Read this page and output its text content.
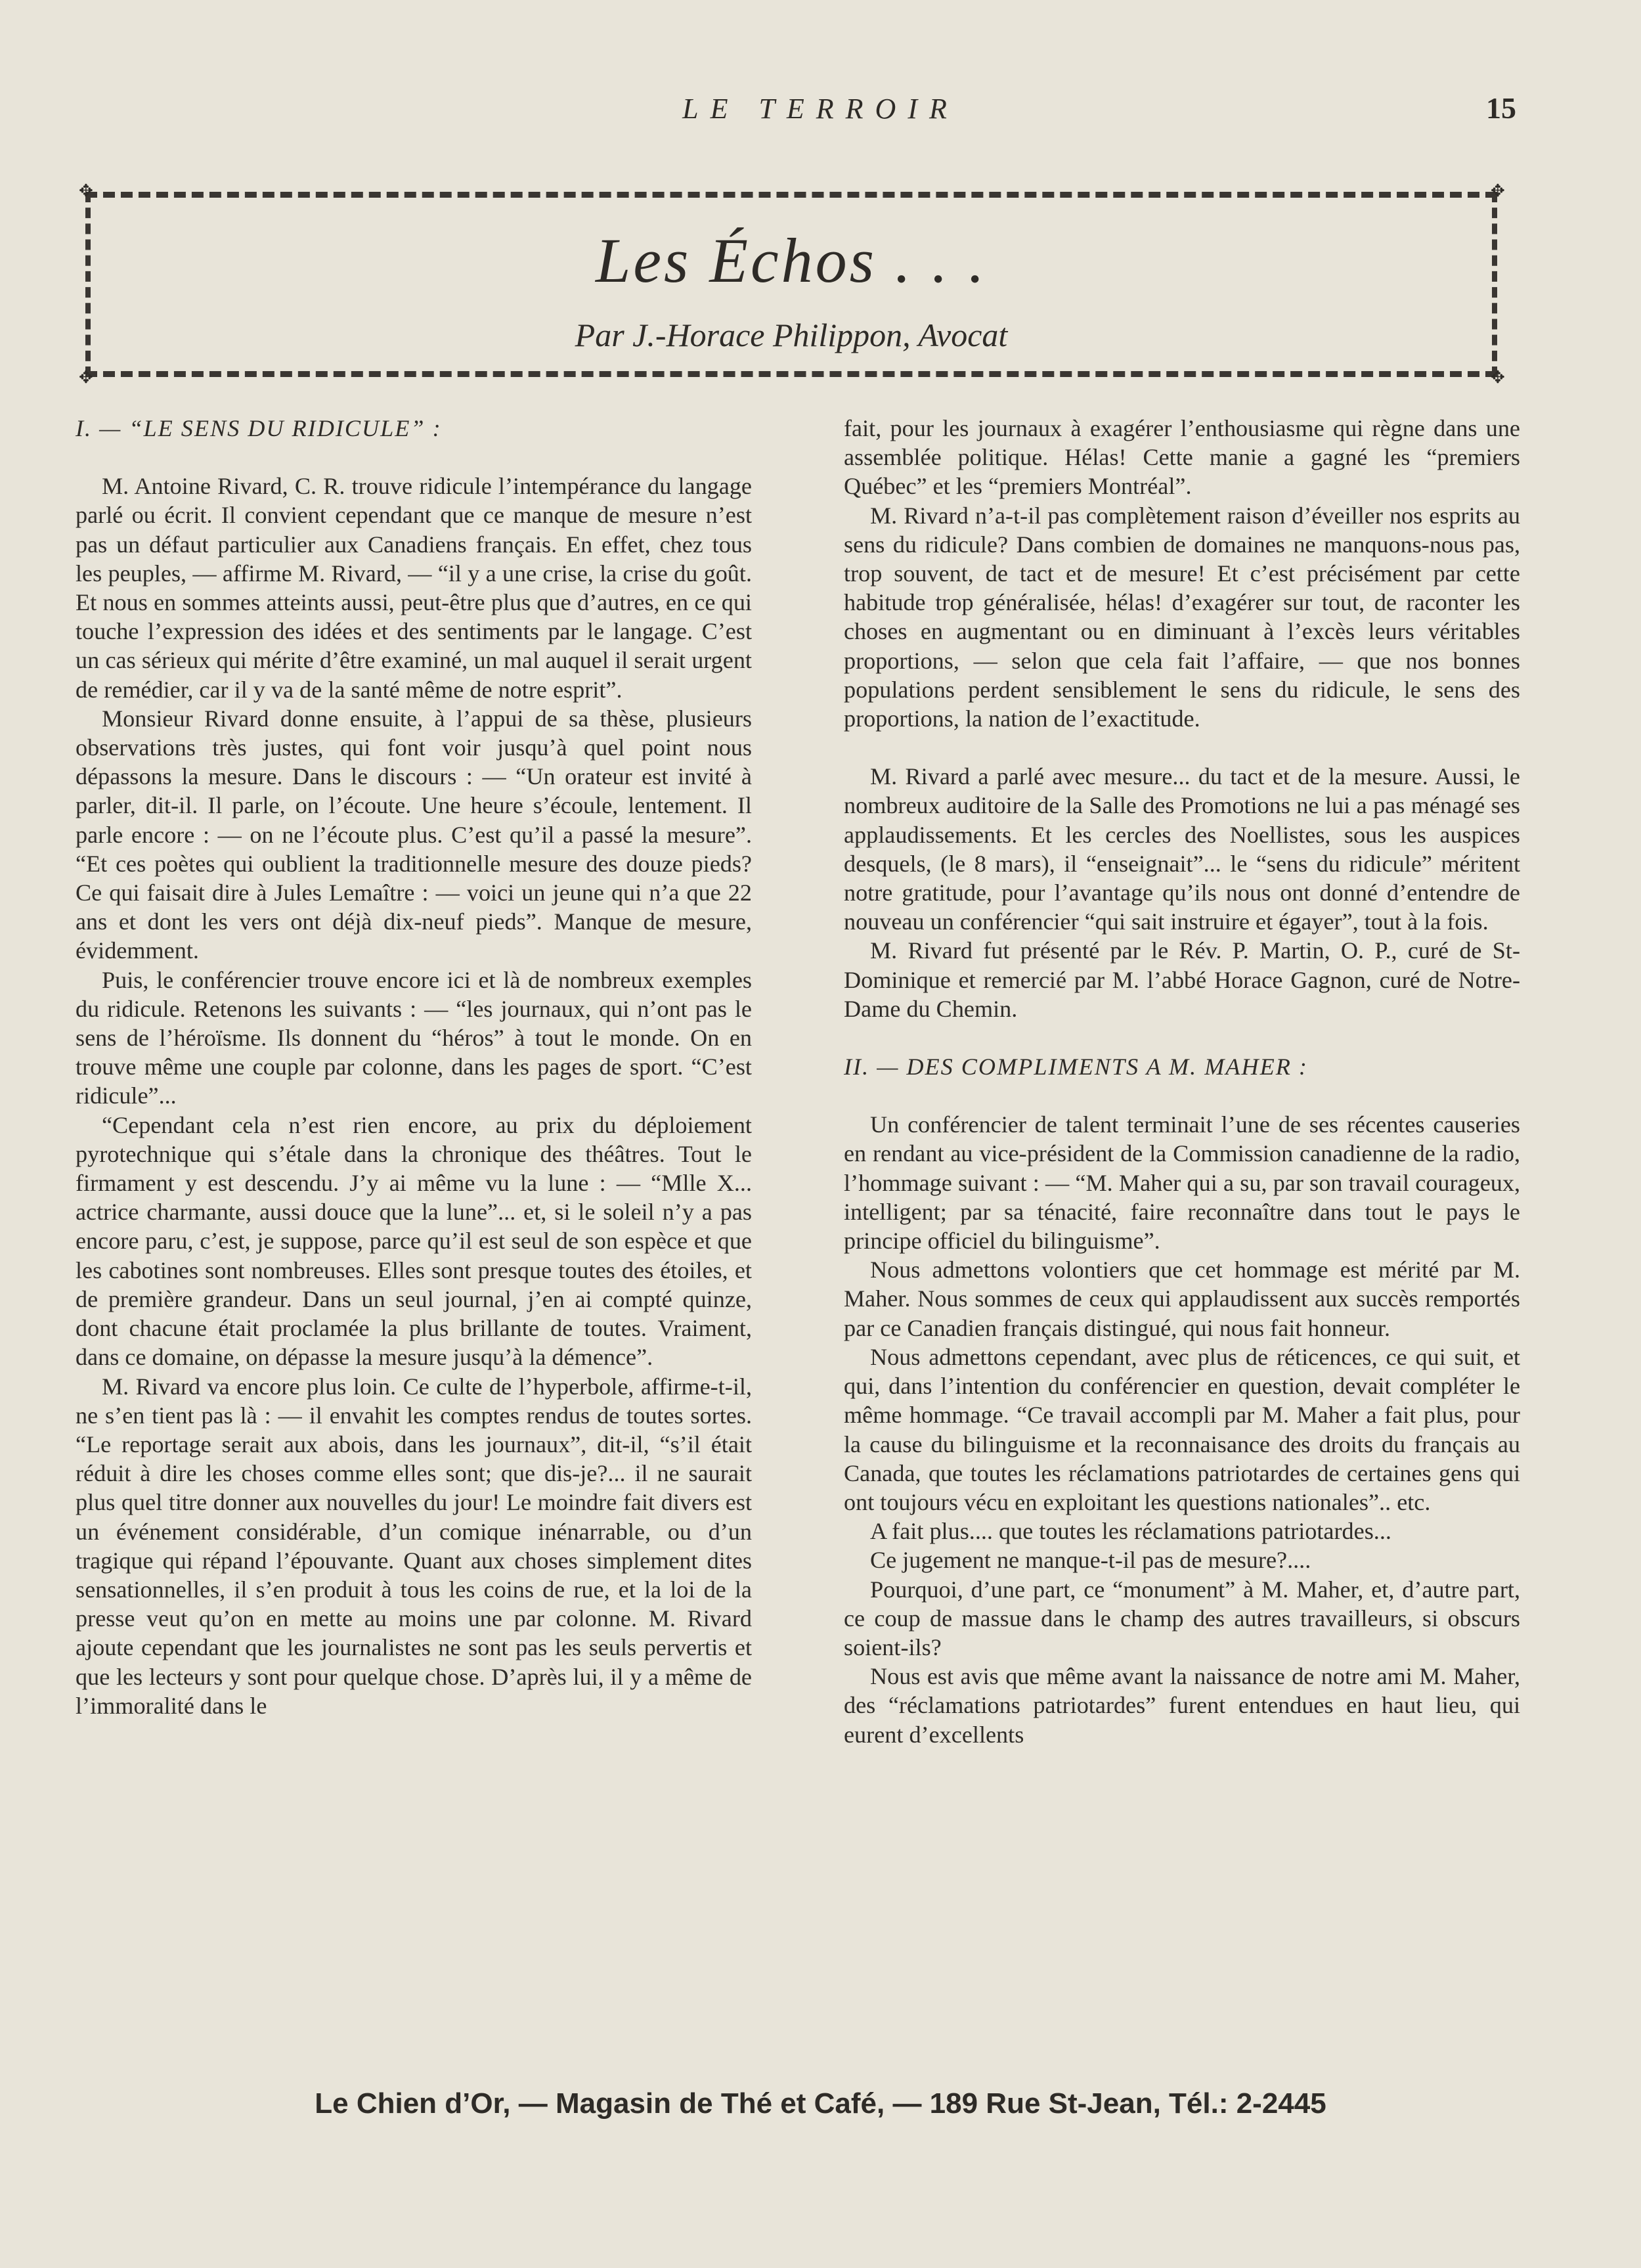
LE TERROIR	15
✥	✥
✥	✥
Les Échos . . .
Par J.-Horace Philippon, Avocat

I. — “LE SENS DU RIDICULE” :

M. Antoine Rivard, C. R. trouve ridicule l’intempérance du langage parlé ou écrit. Il convient cependant que ce manque de mesure n’est pas un défaut particulier aux Canadiens français. En effet, chez tous les peuples, — affirme M. Rivard, — “il y a une crise, la crise du goût. Et nous en sommes atteints aussi, peut-être plus que d’autres, en ce qui touche l’expression des idées et des sentiments par le langage. C’est un cas sérieux qui mérite d’être examiné, un mal auquel il serait urgent de remédier, car il y va de la santé même de notre esprit”.

Monsieur Rivard donne ensuite, à l’appui de sa thèse, plusieurs observations très justes, qui font voir jusqu’à quel point nous dépassons la mesure. Dans le discours : — “Un orateur est invité à parler, dit-il. Il parle, on l’écoute. Une heure s’écoule, lentement. Il parle encore : — on ne l’écoute plus. C’est qu’il a passé la mesure”. “Et ces poètes qui oublient la traditionnelle mesure des douze pieds? Ce qui faisait dire à Jules Lemaître : — voici un jeune qui n’a que 22 ans et dont les vers ont déjà dix-neuf pieds”. Manque de mesure, évidemment.

Puis, le conférencier trouve encore ici et là de nombreux exemples du ridicule. Retenons les suivants : — “les journaux, qui n’ont pas le sens de l’héroïsme. Ils donnent du “héros” à tout le monde. On en trouve même une couple par colonne, dans les pages de sport. “C’est ridicule”...

“Cependant cela n’est rien encore, au prix du déploiement pyrotechnique qui s’étale dans la chronique des théâtres. Tout le firmament y est descendu. J’y ai même vu la lune : — “Mlle X... actrice charmante, aussi douce que la lune”... et, si le soleil n’y a pas encore paru, c’est, je suppose, parce qu’il est seul de son espèce et que les cabotines sont nombreuses. Elles sont presque toutes des étoiles, et de première grandeur. Dans un seul journal, j’en ai compté quinze, dont chacune était proclamée la plus brillante de toutes. Vraiment, dans ce domaine, on dépasse la mesure jusqu’à la démence”.

M. Rivard va encore plus loin. Ce culte de l’hyperbole, affirme-t-il, ne s’en tient pas là : — il envahit les comptes rendus de toutes sortes. “Le reportage serait aux abois, dans les journaux”, dit-il, “s’il était réduit à dire les choses comme elles sont; que dis-je?... il ne saurait plus quel titre donner aux nouvelles du jour! Le moindre fait divers est un événement considérable, d’un comique inénarrable, ou d’un tragique qui répand l’épouvante. Quant aux choses simplement dites sensationnelles, il s’en produit à tous les coins de rue, et la loi de la presse veut qu’on en mette au moins une par colonne. M. Rivard ajoute cependant que les journalistes ne sont pas les seuls pervertis et que les lecteurs y sont pour quelque chose. D’après lui, il y a même de l’immoralité dans le

fait, pour les journaux à exagérer l’enthousiasme qui règne dans une assemblée politique. Hélas! Cette manie a gagné les “premiers Québec” et les “premiers Montréal”.

M. Rivard n’a-t-il pas complètement raison d’éveiller nos esprits au sens du ridicule? Dans combien de domaines ne manquons-nous pas, trop souvent, de tact et de mesure! Et c’est précisément par cette habitude trop généralisée, hélas! d’exagérer sur tout, de raconter les choses en augmentant ou en diminuant à l’excès leurs véritables proportions, — selon que cela fait l’affaire, — que nos bonnes populations perdent sensiblement le sens du ridicule, le sens des proportions, la nation de l’exactitude.

M. Rivard a parlé avec mesure... du tact et de la mesure. Aussi, le nombreux auditoire de la Salle des Promotions ne lui a pas ménagé ses applaudissements. Et les cercles des Noellistes, sous les auspices desquels, (le 8 mars), il “enseignait”... le “sens du ridicule” méritent notre gratitude, pour l’avantage qu’ils nous ont donné d’entendre de nouveau un conférencier “qui sait instruire et égayer”, tout à la fois.

M. Rivard fut présenté par le Rév. P. Martin, O. P., curé de St-Dominique et remercié par M. l’abbé Horace Gagnon, curé de Notre-Dame du Chemin.

II. — DES COMPLIMENTS A M. MAHER :

Un conférencier de talent terminait l’une de ses récentes causeries en rendant au vice-président de la Commission canadienne de la radio, l’hommage suivant : — “M. Maher qui a su, par son travail courageux, intelligent; par sa ténacité, faire reconnaître dans tout le pays le principe officiel du bilinguisme”.

Nous admettons volontiers que cet hommage est mérité par M. Maher. Nous sommes de ceux qui applaudissent aux succès remportés par ce Canadien français distingué, qui nous fait honneur.

Nous admettons cependant, avec plus de réticences, ce qui suit, et qui, dans l’intention du conférencier en question, devait compléter le même hommage. “Ce travail accompli par M. Maher a fait plus, pour la cause du bilinguisme et la reconnaisance des droits du français au Canada, que toutes les réclamations patriotardes de certaines gens qui ont toujours vécu en exploitant les questions nationales”.. etc.

A fait plus.... que toutes les réclamations patriotardes...

Ce jugement ne manque-t-il pas de mesure?....

Pourquoi, d’une part, ce “monument” à M. Maher, et, d’autre part, ce coup de massue dans le champ des autres travailleurs, si obscurs soient-ils?

Nous est avis que même avant la naissance de notre ami M. Maher, des “réclamations patriotardes” furent entendues en haut lieu, qui eurent d’excellents

Le Chien d’Or, — Magasin de Thé et Café, — 189 Rue St-Jean, Tél.: 2-2445
